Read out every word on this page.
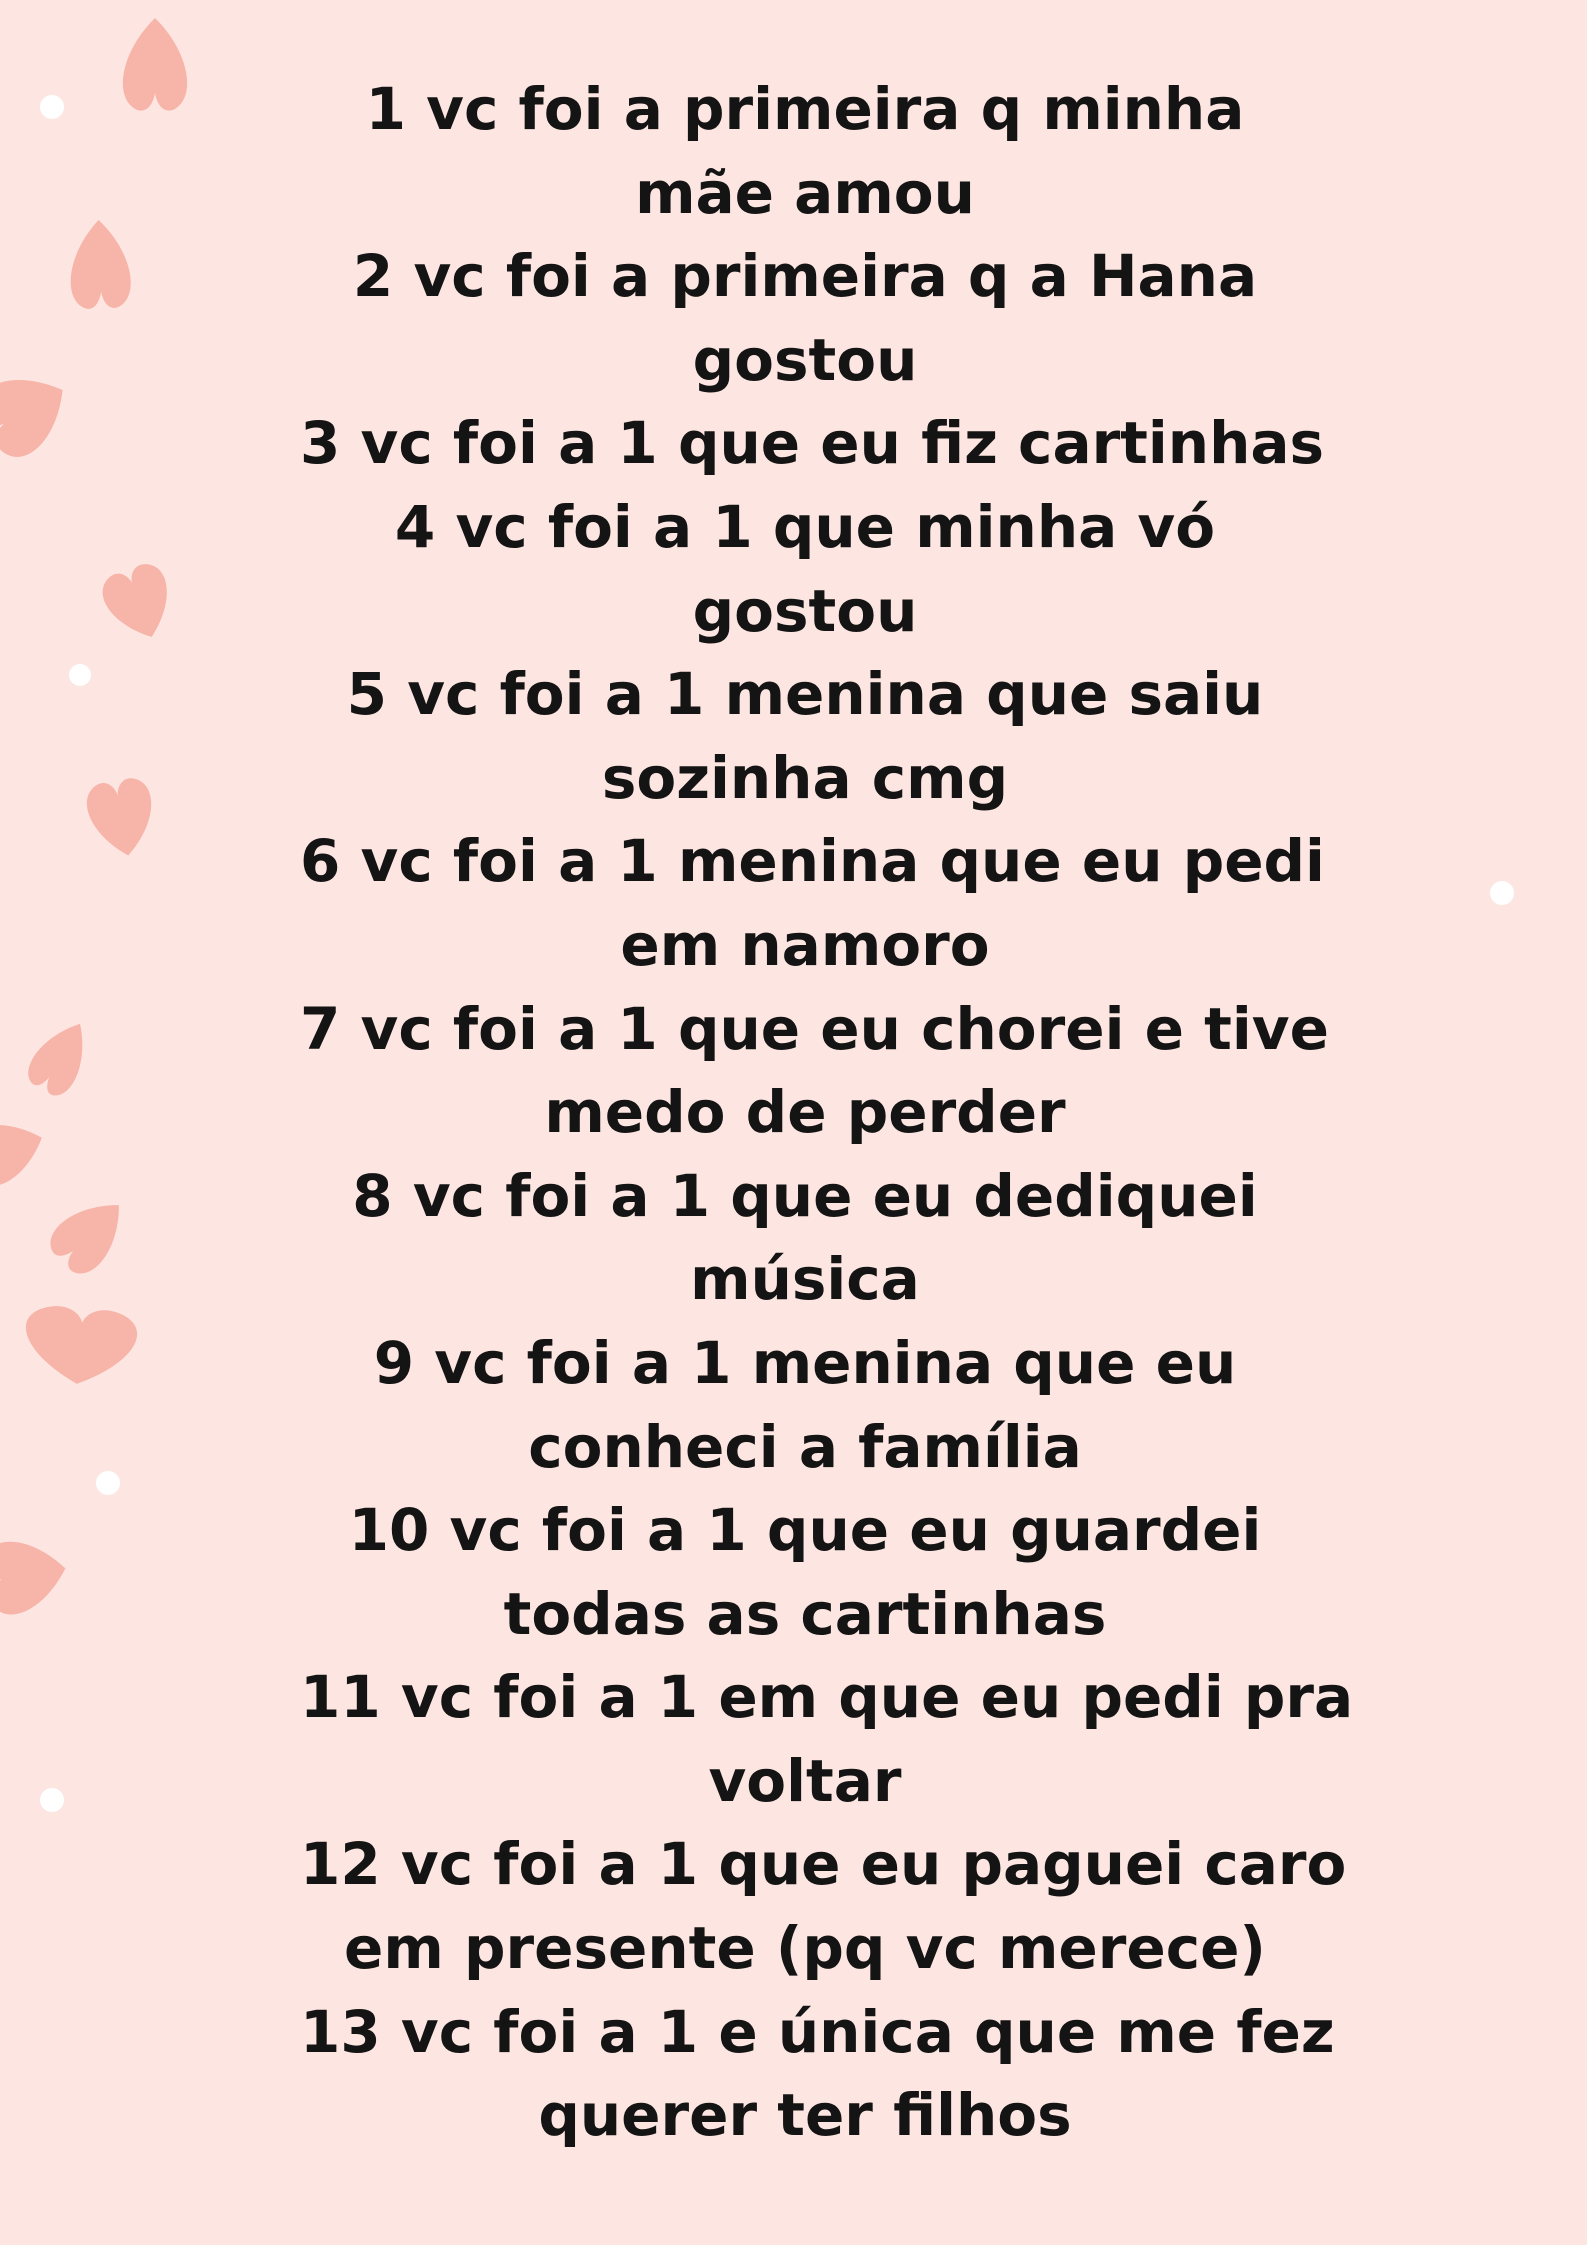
1 vc foi a primeira q minha
mãe amou
2 vc foi a primeira q a Hana
gostou
3 vc foi a 1 que eu fiz cartinhas
4 vc foi a 1 que minha vó
gostou
5 vc foi a 1 menina que saiu
sozinha cmg
6 vc foi a 1 menina que eu pedi
em namoro
7 vc foi a 1 que eu chorei e tive
medo de perder
8 vc foi a 1 que eu dediquei
música
9 vc foi a 1 menina que eu
conheci a família
10 vc foi a 1 que eu guardei
todas as cartinhas
11 vc foi a 1 em que eu pedi pra
voltar
12 vc foi a 1 que eu paguei caro
em presente (pq vc merece)
13 vc foi a 1 e única que me fez
querer ter filhos
